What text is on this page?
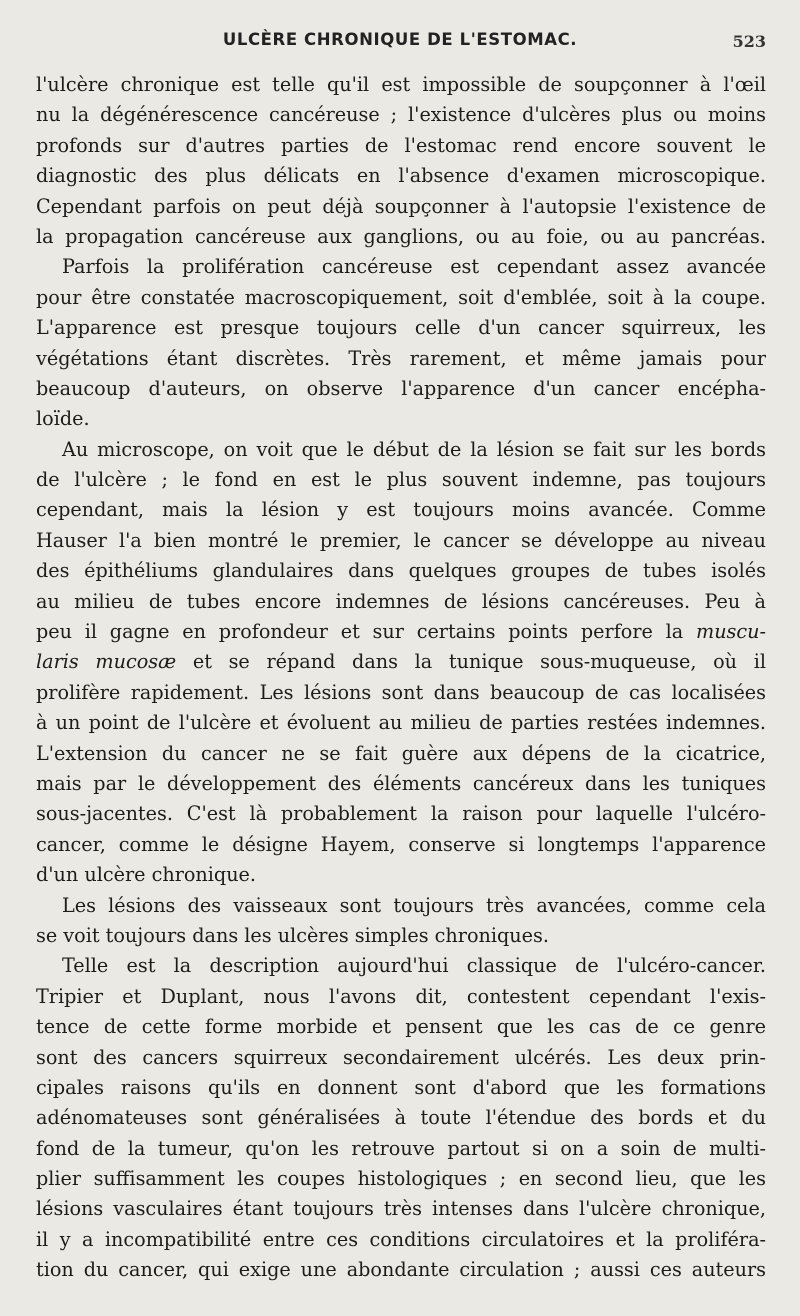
ULCÈRE CHRONIQUE DE L'ESTOMAC.	523
l'ulcère chronique est telle qu'il est impossible de soupçonner à l'œil
nu la dégénérescence cancéreuse ; l'existence d'ulcères plus ou moins
profonds sur d'autres parties de l'estomac rend encore souvent le
diagnostic des plus délicats en l'absence d'examen microscopique.
Cependant parfois on peut déjà soupçonner à l'autopsie l'existence de
la propagation cancéreuse aux ganglions, ou au foie, ou au pancréas.
Parfois la prolifération cancéreuse est cependant assez avancée
pour être constatée macroscopiquement, soit d'emblée, soit à la coupe.
L'apparence est presque toujours celle d'un cancer squirreux, les
végétations étant discrètes. Très rarement, et même jamais pour
beaucoup d'auteurs, on observe l'apparence d'un cancer encépha-
loïde.
Au microscope, on voit que le début de la lésion se fait sur les bords
de l'ulcère ; le fond en est le plus souvent indemne, pas toujours
cependant, mais la lésion y est toujours moins avancée. Comme
Hauser l'a bien montré le premier, le cancer se développe au niveau
des épithéliums glandulaires dans quelques groupes de tubes isolés
au milieu de tubes encore indemnes de lésions cancéreuses. Peu à
peu il gagne en profondeur et sur certains points perfore la muscu-
laris mucosæ et se répand dans la tunique sous-muqueuse, où il
prolifère rapidement. Les lésions sont dans beaucoup de cas localisées
à un point de l'ulcère et évoluent au milieu de parties restées indemnes.
L'extension du cancer ne se fait guère aux dépens de la cicatrice,
mais par le développement des éléments cancéreux dans les tuniques
sous-jacentes. C'est là probablement la raison pour laquelle l'ulcéro-
cancer, comme le désigne Hayem, conserve si longtemps l'apparence
d'un ulcère chronique.
Les lésions des vaisseaux sont toujours très avancées, comme cela
se voit toujours dans les ulcères simples chroniques.
Telle est la description aujourd'hui classique de l'ulcéro-cancer.
Tripier et Duplant, nous l'avons dit, contestent cependant l'exis-
tence de cette forme morbide et pensent que les cas de ce genre
sont des cancers squirreux secondairement ulcérés. Les deux prin-
cipales raisons qu'ils en donnent sont d'abord que les formations
adénomateuses sont généralisées à toute l'étendue des bords et du
fond de la tumeur, qu'on les retrouve partout si on a soin de multi-
plier suffisamment les coupes histologiques ; en second lieu, que les
lésions vasculaires étant toujours très intenses dans l'ulcère chronique,
il y a incompatibilité entre ces conditions circulatoires et la proliféra-
tion du cancer, qui exige une abondante circulation ; aussi ces auteurs
